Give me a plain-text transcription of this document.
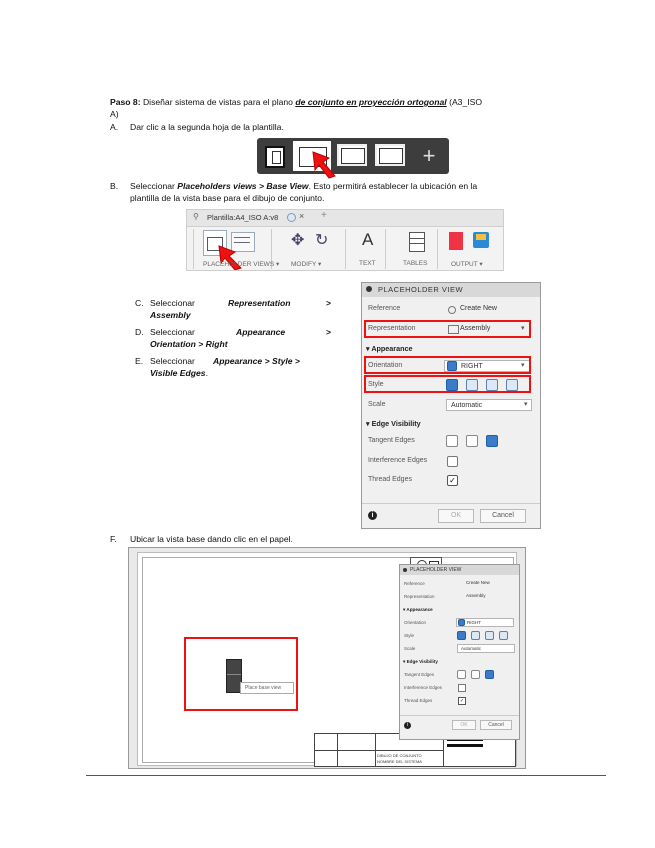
Paso 8: Diseñar sistema de vistas para el plano de conjunto en proyección ortogonal (A3_ISO
A)
A. Dar clic a la segunda hoja de la plantilla.
+
B. Seleccionar Placeholders views > Base View. Esto permitirá establecer la ubicación en la
plantilla de la vista base para el dibujo de conjunto.
⚲ Plantilla:A4_ISO A:v8 × +
✥ ↻ A
PLACEHOLDER VIEWS ▾ MODIFY ▾	TEXT	TABLES	OUTPUT ▾
C. Seleccionar	Representation	>
Assembly
D. Seleccionar	Appearance	>
Orientation > Right
E. Seleccionar Appearance > Style >
Visible Edges.
PLACEHOLDER VIEW
Reference	Create New
Representation	Assembly	▾
▾ Appearance
Orientation	RIGHT	▾
Style
Scale	Automatic	▾
▾ Edge Visibility
Tangent Edges
Interference Edges
Thread Edges	✓
i	OK	Cancel
F. Ubicar la vista base dando clic en el papel.
Place base view
DIBUJO DE CONJUNTO
NOMBRE DEL SISTEMA
PLACEHOLDER VIEW
Reference	Create New
Representation	Assembly
▾ Appearance
Orientation	RIGHT
Style
Scale	Automatic
▾ Edge Visibility
Tangent Edges
Interference Edges
Thread Edges	✓
i	OK	Cancel
